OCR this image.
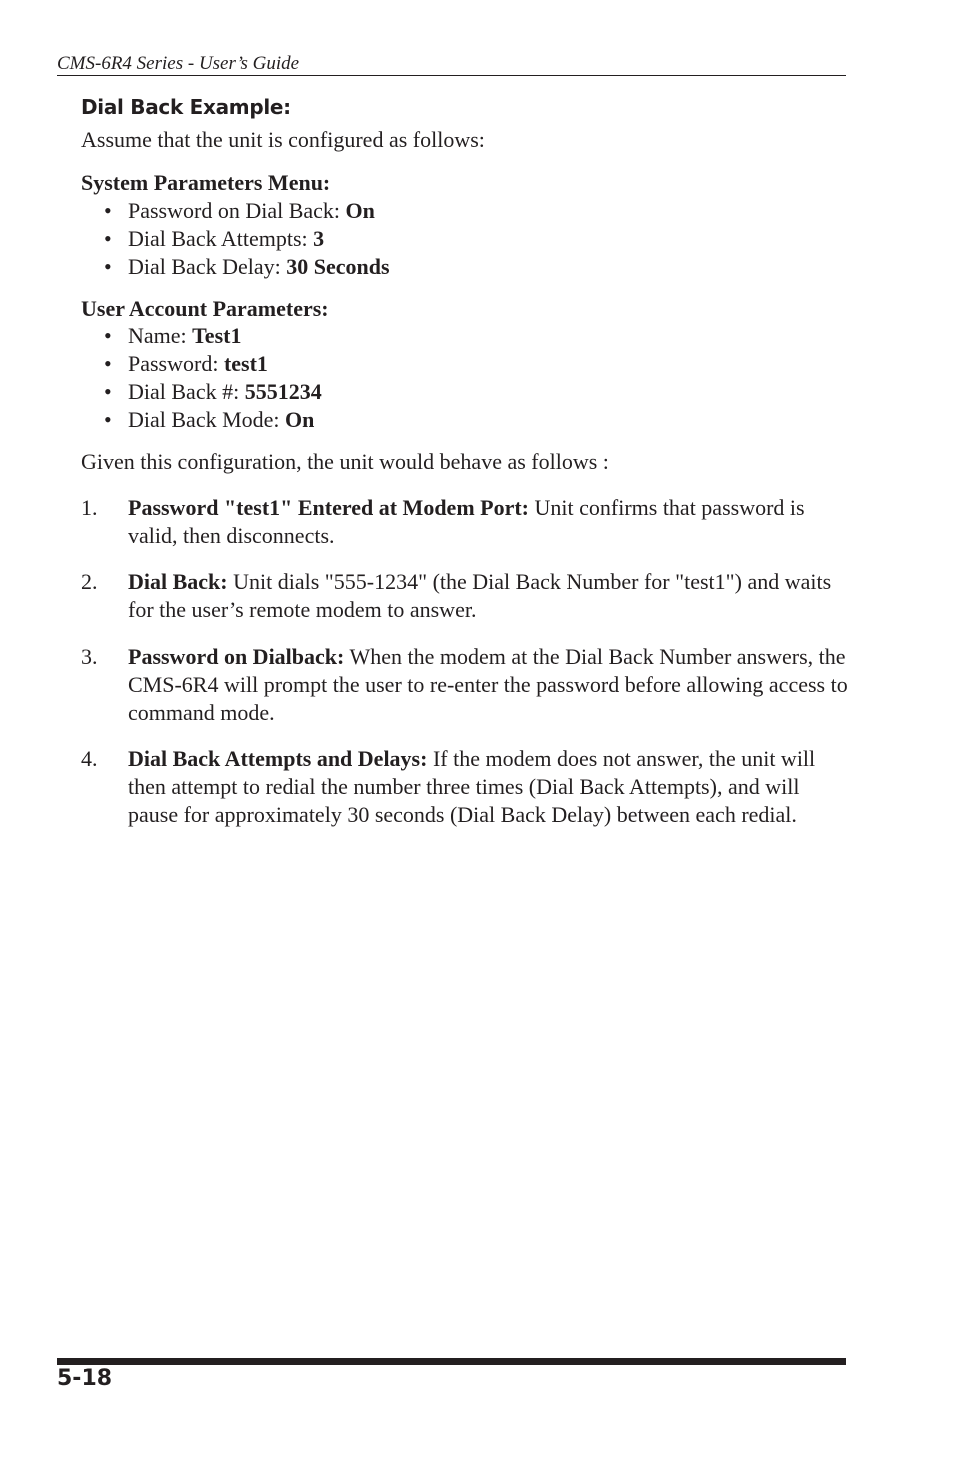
CMS-6R4 Series - User’s Guide
Dial Back Example:
Assume that the unit is configured as follows:
System Parameters Menu:
• Password on Dial Back: On
• Dial Back Attempts: 3
• Dial Back Delay: 30 Seconds
User Account Parameters:
• Name: Test1
• Password: test1
• Dial Back #: 5551234
• Dial Back Mode: On
Given this configuration, the unit would behave as follows :
1. Password "test1" Entered at Modem Port: Unit confirms that password is valid, then disconnects.
2. Dial Back: Unit dials "555-1234" (the Dial Back Number for "test1") and waits for the user’s remote modem to answer.
3. Password on Dialback: When the modem at the Dial Back Number answers, the CMS-6R4 will prompt the user to re-enter the password before allowing access to command mode.
4. Dial Back Attempts and Delays: If the modem does not answer, the unit will then attempt to redial the number three times (Dial Back Attempts), and will pause for approximately 30 seconds (Dial Back Delay) between each redial.
5-18
